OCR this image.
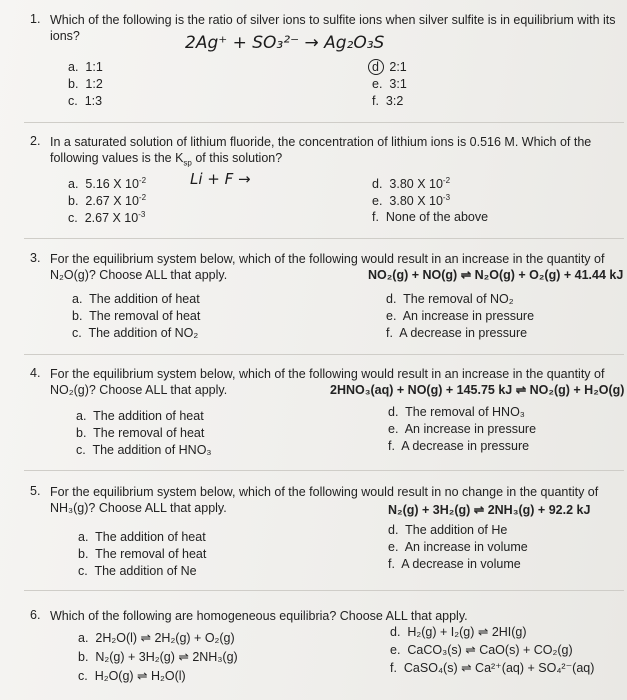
1. Which of the following is the ratio of silver ions to sulfite ions when silver sulfite is in equilibrium with its
ions?	2Ag⁺ + SO₃²⁻ → Ag₂O₃S
a. 1:1
b. 1:2
c. 1:3
d 2:1
e. 3:1
f. 3:2
2. In a saturated solution of lithium fluoride, the concentration of lithium ions is 0.516 M. Which of the
following values is the $K_{sp}$ of this solution?
Li + F →
a. 5.16 X $10^{-2}$
b. 2.67 X $10^{-2}$
c. 2.67 X $10^{-3}$
d. 3.80 X $10^{-2}$
e. 3.80 X $10^{-3}$
f. None of the above
3. For the equilibrium system below, which of the following would result in an increase in the quantity of
N₂O(g)? Choose ALL that apply.	NO₂(g) + NO(g) ⇌ N₂O(g) + O₂(g) + 41.44 kJ
a. The addition of heat
b. The removal of heat
c. The addition of NO₂
d. The removal of NO₂
e. An increase in pressure
f. A decrease in pressure
4. For the equilibrium system below, which of the following would result in an increase in the quantity of
NO₂(g)? Choose ALL that apply.	2HNO₃(aq) + NO(g) + 145.75 kJ ⇌ NO₂(g) + H₂O(g)
a. The addition of heat
b. The removal of heat
c. The addition of HNO₃
d. The removal of HNO₃
e. An increase in pressure
f. A decrease in pressure
5. For the equilibrium system below, which of the following would result in no change in the quantity of
NH₃(g)? Choose ALL that apply.	N₂(g) + 3H₂(g) ⇌ 2NH₃(g) + 92.2 kJ
a. The addition of heat
b. The removal of heat
c. The addition of Ne
d. The addition of He
e. An increase in volume
f. A decrease in volume
6. Which of the following are homogeneous equilibria? Choose ALL that apply.
a. 2H₂O(l) ⇌ 2H₂(g) + O₂(g)
b. N₂(g) + 3H₂(g) ⇌ 2NH₃(g)
c. H₂O(g) ⇌ H₂O(l)
d. H₂(g) + I₂(g) ⇌ 2HI(g)
e. CaCO₃(s) ⇌ CaO(s) + CO₂(g)
f. CaSO₄(s) ⇌ Ca²⁺(aq) + SO₄²⁻(aq)
